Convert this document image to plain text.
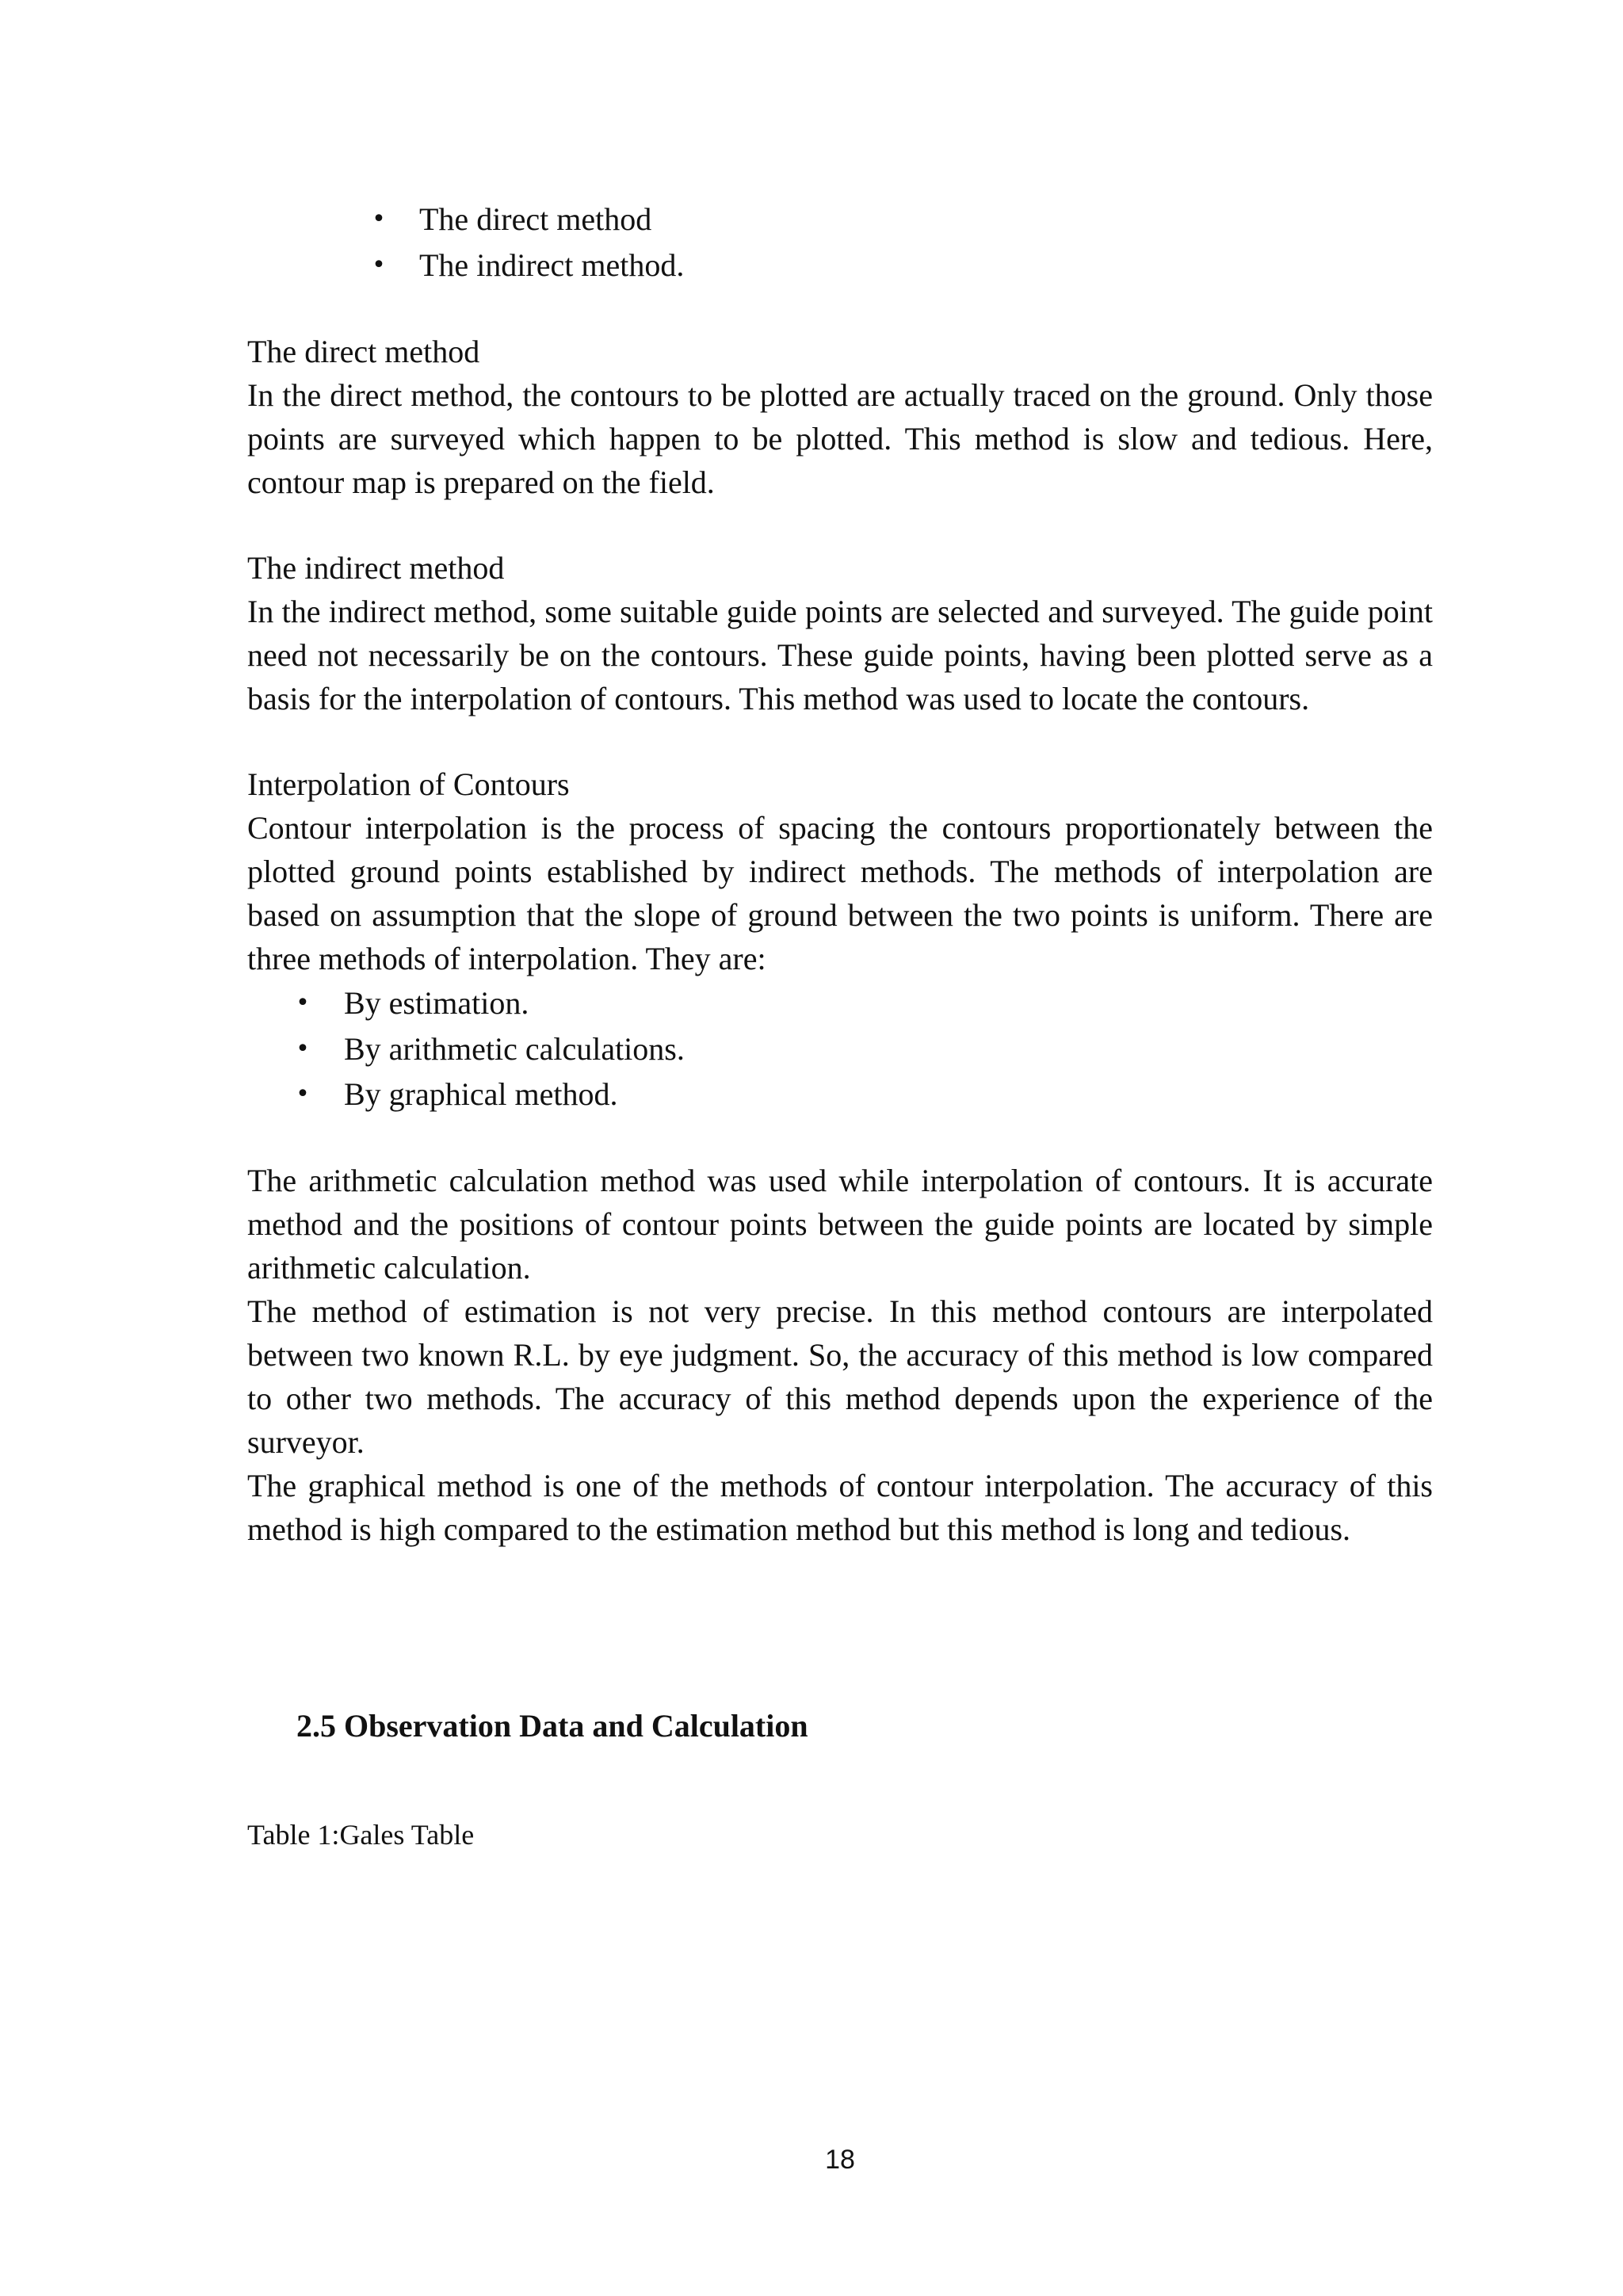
• The direct method
• The indirect method.
The direct method

In the direct method, the contours to be plotted are actually traced on the ground. Only those points are surveyed which happen to be plotted. This method is slow and tedious. Here, contour map is prepared on the field.

The indirect method

In the indirect method, some suitable guide points are selected and surveyed. The guide point need not necessarily be on the contours. These guide points, having been plotted serve as a basis for the interpolation of contours. This method was used to locate the contours.

Interpolation of Contours

Contour interpolation is the process of spacing the contours proportionately between the plotted ground points established by indirect methods. The methods of interpolation are based on assumption that the slope of ground between the two points is uniform. There are three methods of interpolation. They are:

• By estimation.
• By arithmetic calculations.
• By graphical method.

The arithmetic calculation method was used while interpolation of contours. It is accurate method and the positions of contour points between the guide points are located by simple arithmetic calculation.

The method of estimation is not very precise. In this method contours are interpolated between two known R.L. by eye judgment. So, the accuracy of this method is low compared to other two methods. The accuracy of this method depends upon the experience of the surveyor.

The graphical method is one of the methods of contour interpolation. The accuracy of this method is high compared to the estimation method but this method is long and tedious.

2.5 Observation Data and Calculation

Table 1:Gales Table

18
